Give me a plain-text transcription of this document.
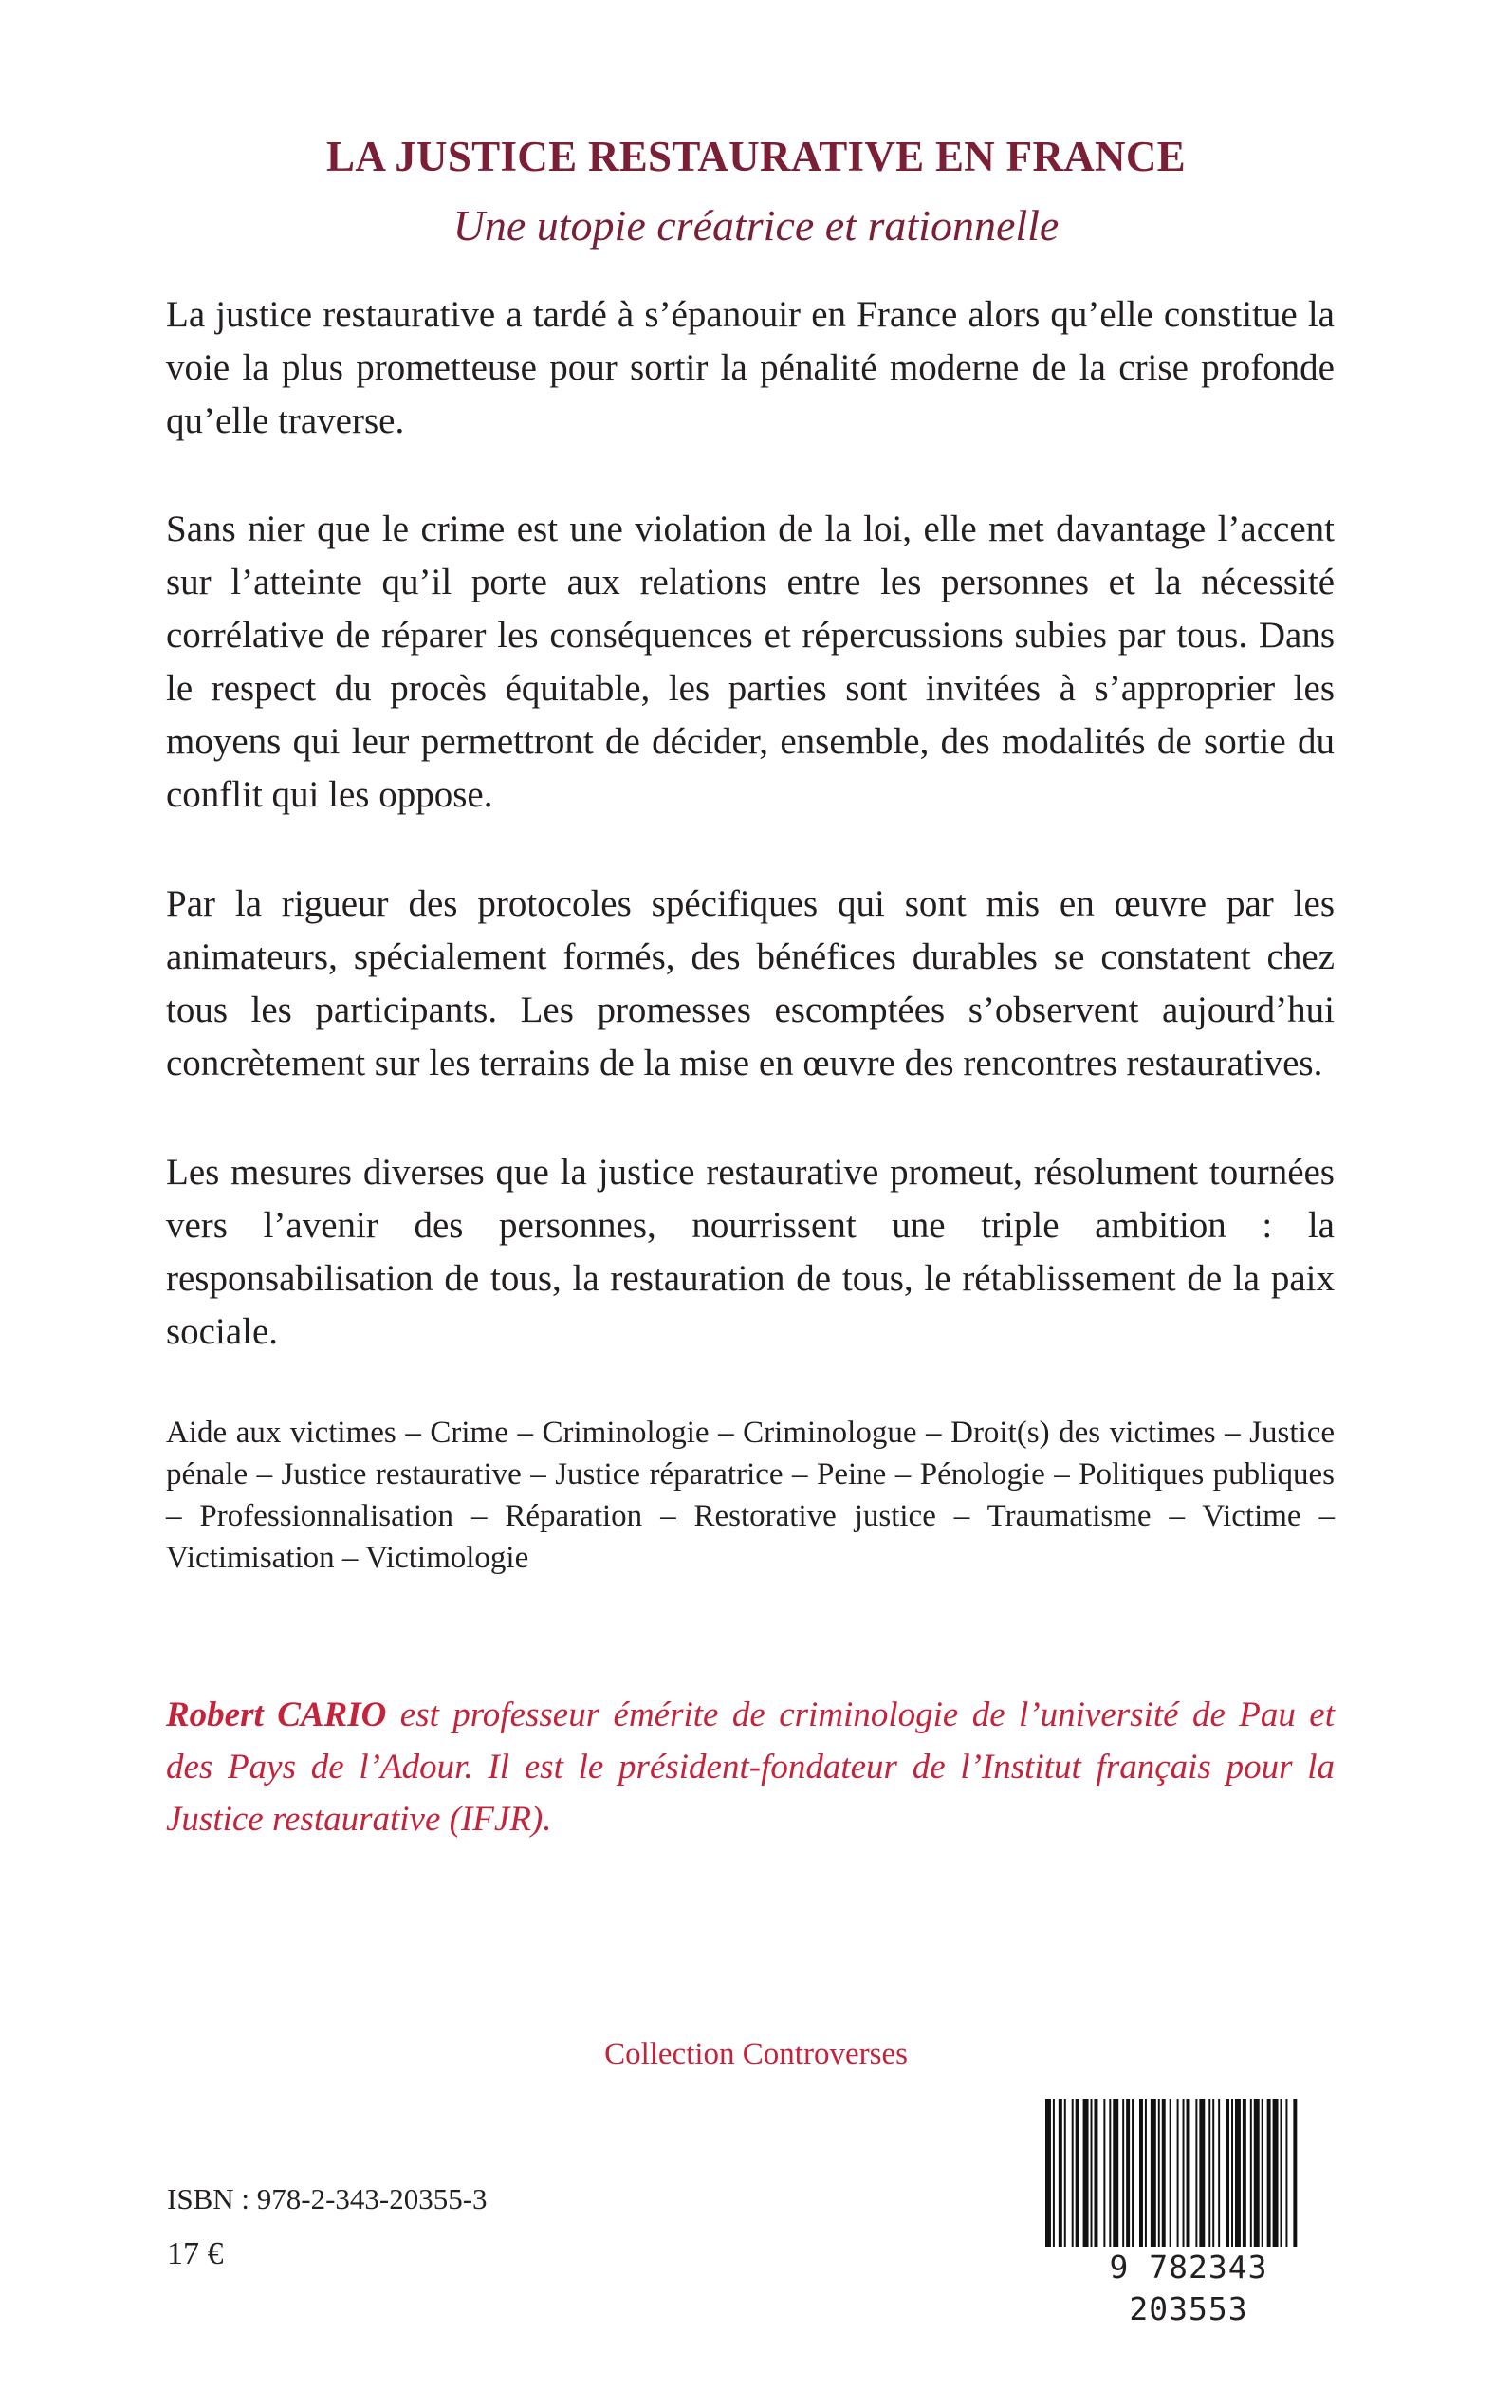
LA JUSTICE RESTAURATIVE EN FRANCE
Une utopie créatrice et rationnelle

La justice restaurative a tardé à s’épanouir en France alors qu’elle constitue la voie la plus prometteuse pour sortir la pénalité moderne de la crise profonde qu’elle traverse.

Sans nier que le crime est une violation de la loi, elle met davantage l’accent sur l’atteinte qu’il porte aux relations entre les personnes et la nécessité corrélative de réparer les conséquences et répercussions subies par tous. Dans le respect du procès équitable, les parties sont invitées à s’approprier les moyens qui leur permettront de décider, ensemble, des modalités de sortie du conflit qui les oppose.

Par la rigueur des protocoles spécifiques qui sont mis en œuvre par les animateurs, spécialement formés, des bénéfices durables se constatent chez tous les participants. Les promesses escomptées s’observent aujourd’hui concrètement sur les terrains de la mise en œuvre des rencontres restauratives.

Les mesures diverses que la justice restaurative promeut, résolument tournées vers l’avenir des personnes, nourrissent une triple ambition : la responsabilisation de tous, la restauration de tous, le rétablissement de la paix sociale.

Aide aux victimes – Crime – Criminologie – Criminologue – Droit(s) des victimes – Justice pénale – Justice restaurative – Justice réparatrice – Peine – Pénologie – Politiques publiques – Professionnalisation – Réparation – Restorative justice – Traumatisme – Victime – Victimisation – Victimologie

Robert CARIO est professeur émérite de criminologie de l’université de Pau et des Pays de l’Adour. Il est le président-fondateur de l’Institut français pour la Justice restaurative (IFJR).

Collection Controverses
ISBN : 978-2-343-20355-3
17 €	9 782343 203553
